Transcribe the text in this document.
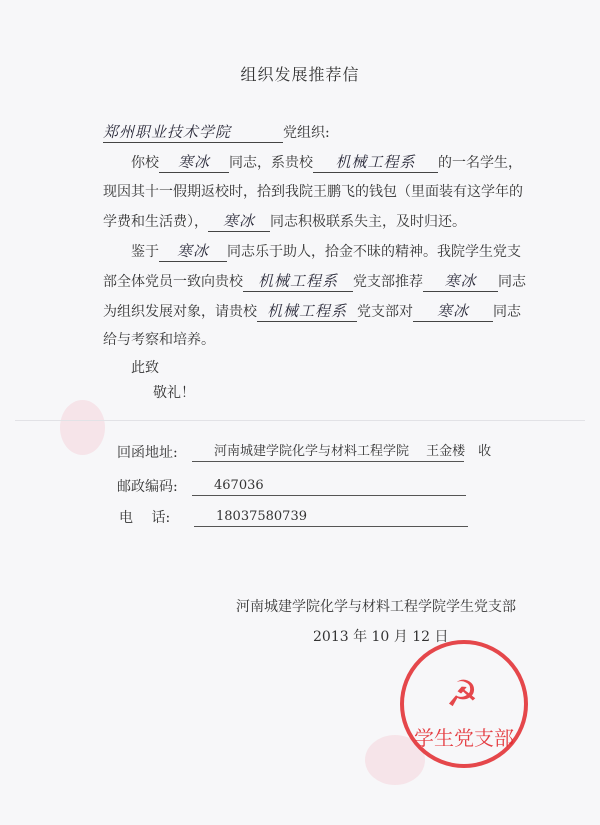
组织发展推荐信
郑州职业技术学院	党组织:
你校 寒冰 同志，系贵校 机械工程系 的一名学生，
现因其十一假期返校时，拾到我院王鹏飞的钱包（里面装有这学年的
学费和生活费）， 寒冰 同志积极联系失主，及时归还。
鉴于 寒冰 同志乐于助人，拾金不昧的精神。我院学生党支
部全体党员一致向贵校 机械工程系 党支部推荐 寒冰 同志
为组织发展对象，请贵校 机械工程系 党支部对 寒冰 同志
给与考察和培养。
此致
敬礼！
回函地址:	河南城建学院化学与材料工程学院　 王金楼　收
邮政编码:	467036
电　 话:	18037580739
河南城建学院化学与材料工程学院学生党支部
2013 年 10 月 12 日
☭
学生党支部
